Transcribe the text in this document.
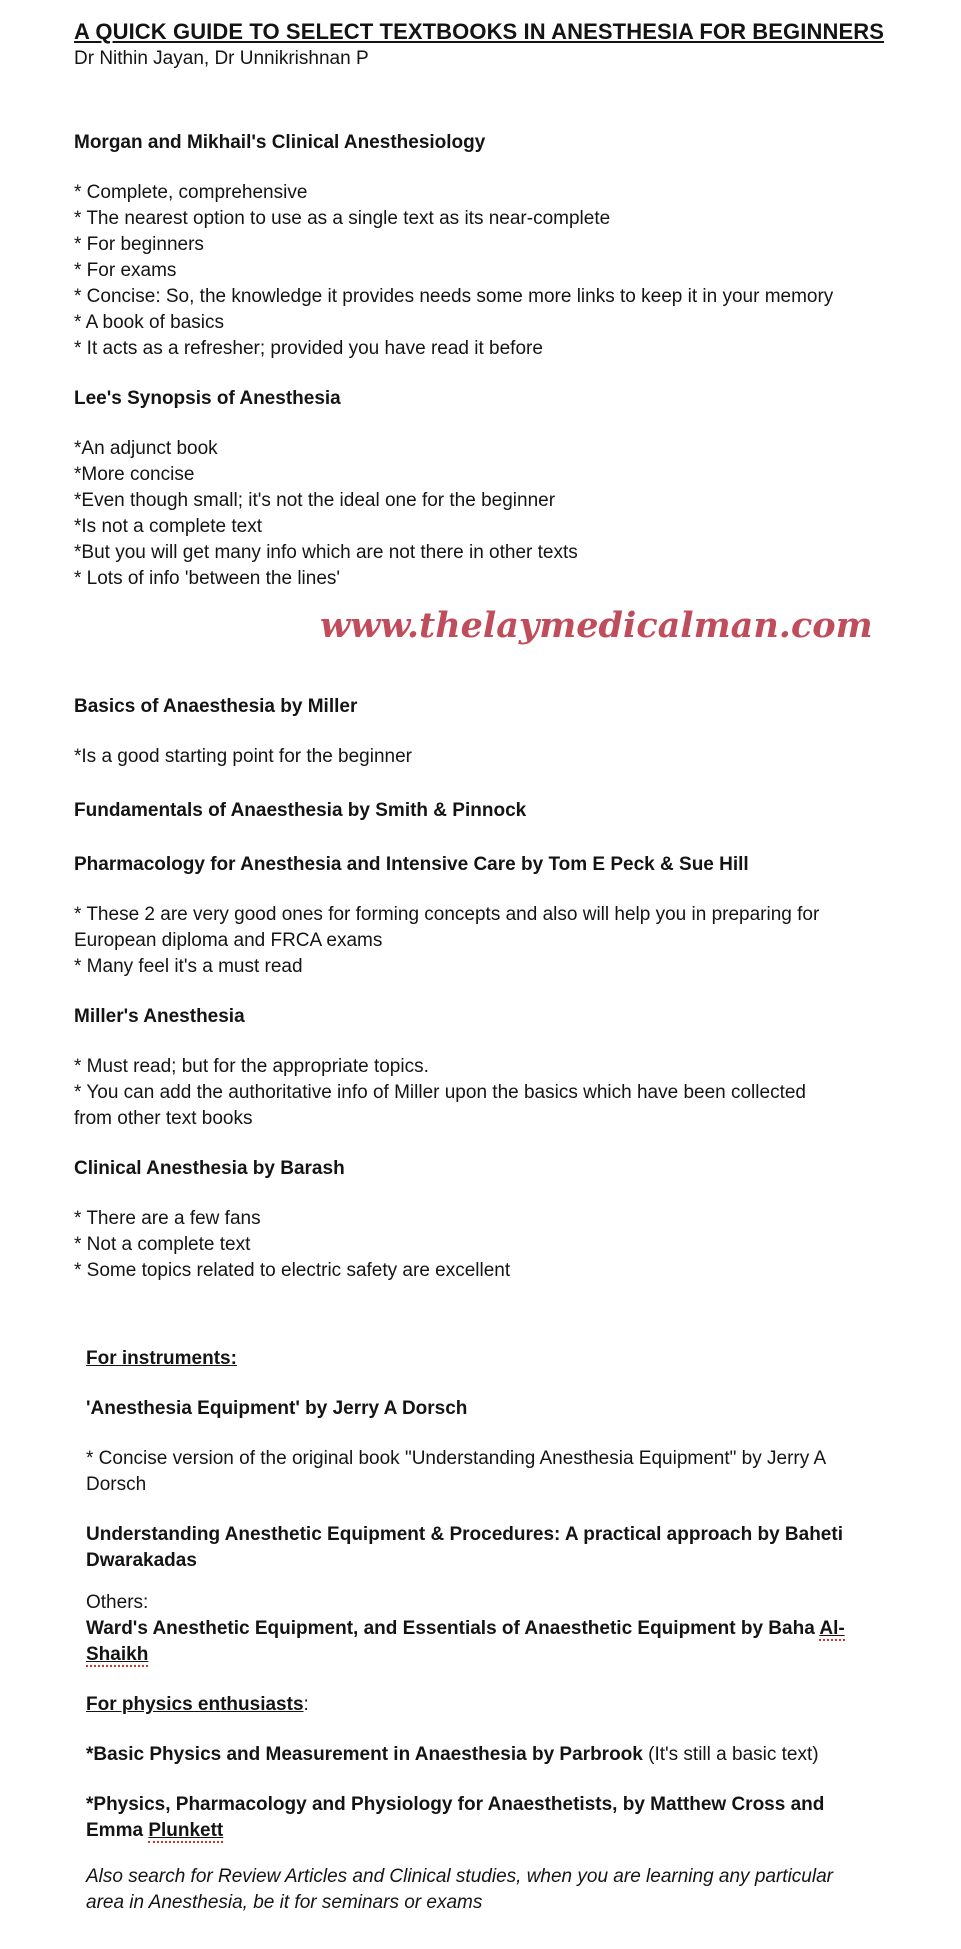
A QUICK GUIDE TO SELECT TEXTBOOKS IN ANESTHESIA FOR BEGINNERS
Dr Nithin Jayan, Dr Unnikrishnan P
Morgan and Mikhail's Clinical Anesthesiology
* Complete, comprehensive
* The nearest option to use as a single text as its near-complete
* For beginners
* For exams
* Concise: So, the knowledge it provides needs some more links to keep it in your memory
* A book of basics
* It acts as a refresher; provided you have read it before
Lee's Synopsis of Anesthesia
*An adjunct book
*More concise
*Even though small; it's not the ideal one for the beginner
*Is not a complete text
*But you will get many info which are not there in other texts
* Lots of info 'between the lines'
www.thelaymedicalman.com
Basics of Anaesthesia by Miller
*Is a good starting point for the beginner
Fundamentals of Anaesthesia by Smith & Pinnock
Pharmacology for Anesthesia and Intensive Care by Tom E Peck & Sue Hill
* These 2 are very good ones for forming concepts and also will help you in preparing for
European diploma and FRCA exams
* Many feel it's a must read
Miller's Anesthesia
* Must read; but for the appropriate topics.
* You can add the authoritative info of Miller upon the basics which have been collected
from other text books
Clinical Anesthesia by Barash
* There are a few fans
* Not a complete text
* Some topics related to electric safety are excellent
For instruments:
'Anesthesia Equipment' by Jerry A Dorsch
* Concise version of the original book "Understanding Anesthesia Equipment" by Jerry A
Dorsch
Understanding Anesthetic Equipment & Procedures: A practical approach by Baheti
Dwarakadas
Others:
Ward's Anesthetic Equipment, and Essentials of Anaesthetic Equipment by Baha Al-
Shaikh
For physics enthusiasts:
*Basic Physics and Measurement in Anaesthesia by Parbrook (It's still a basic text)
*Physics, Pharmacology and Physiology for Anaesthetists, by Matthew Cross and
Emma Plunkett
Also search for Review Articles and Clinical studies, when you are learning any particular
area in Anesthesia, be it for seminars or exams
